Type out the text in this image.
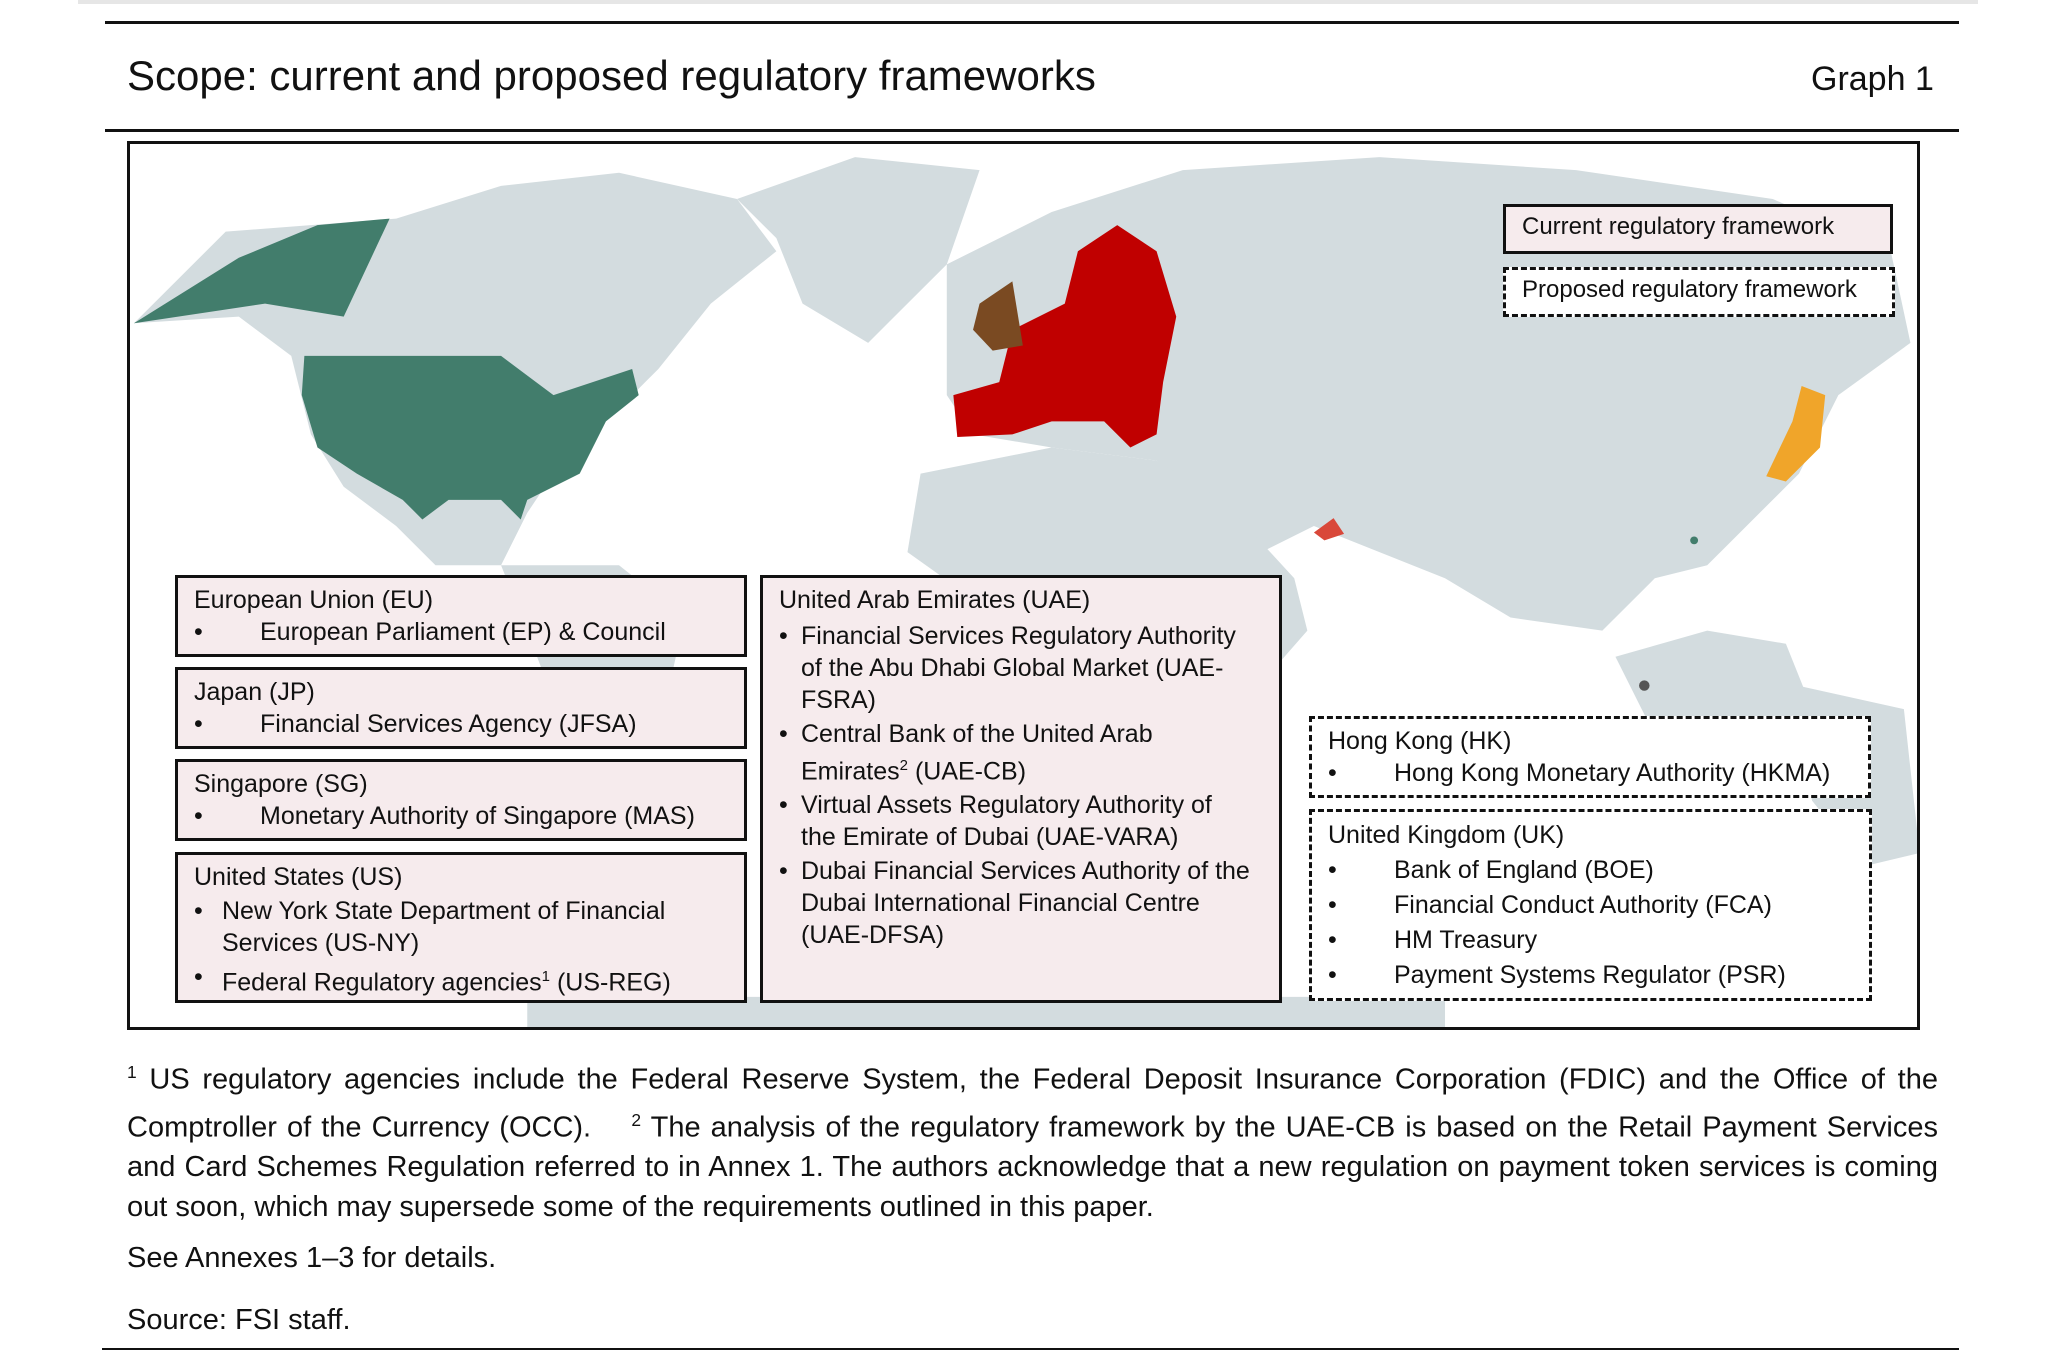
Scope: current and proposed regulatory frameworks	Graph 1
Current regulatory framework
Proposed regulatory framework
European Union (EU)
•	European Parliament (EP) & Council
Japan (JP)
•	Financial Services Agency (JFSA)
Singapore (SG)
•	Monetary Authority of Singapore (MAS)
United States (US)
• New York State Department of Financial
Services (US-NY)
• Federal Regulatory agencies$^1$ (US-REG)
United Arab Emirates (UAE)
• Financial Services Regulatory Authority
of the Abu Dhabi Global Market (UAE-
FSRA)
• Central Bank of the United Arab
Emirates$^2$ (UAE-CB)
• Virtual Assets Regulatory Authority of
the Emirate of Dubai (UAE-VARA)
• Dubai Financial Services Authority of the
Dubai International Financial Centre
(UAE-DFSA)
Hong Kong (HK)
•	Hong Kong Monetary Authority (HKMA)
United Kingdom (UK)
•	Bank of England (BOE)
•	Financial Conduct Authority (FCA)
•	HM Treasury
•	Payment Systems Regulator (PSR)
$^1$ US regulatory agencies include the Federal Reserve System, the Federal Deposit Insurance Corporation (FDIC) and the Office of the Comptroller of the Currency (OCC). $^2$ The analysis of the regulatory framework by the UAE-CB is based on the Retail Payment Services and Card Schemes Regulation referred to in Annex 1. The authors acknowledge that a new regulation on payment token services is coming out soon, which may supersede some of the requirements outlined in this paper.
See Annexes 1–3 for details.
Source: FSI staff.
